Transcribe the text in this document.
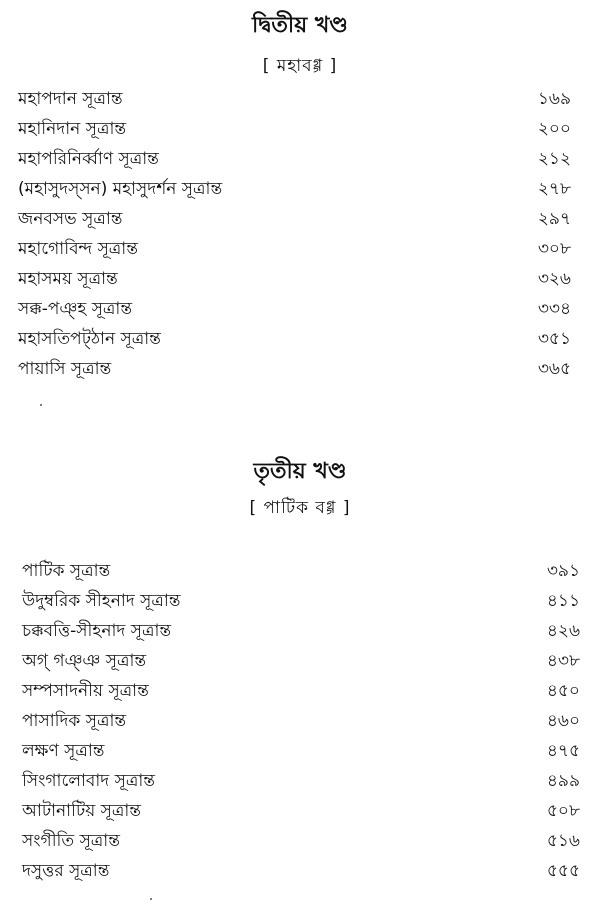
দ্বিতীয় খণ্ড
[ মহাবগ্গ ]
মহাপদান সূত্রান্ত	১৬৯
মহানিদান সূত্রান্ত	২০০
মহাপরিনির্ব্বাণ সূত্রান্ত	২১২
(মহাসুদস্সন) মহাসুদর্শন সূত্রান্ত	২৭৮
জনবসভ সূত্রান্ত	২৯৭
মহাগোবিন্দ সূত্রান্ত	৩০৮
মহাসময় সূত্রান্ত	৩২৬
সক্ক-পঞ্হ সূত্রান্ত	৩৩৪
মহাসতিপট্ঠান সূত্রান্ত	৩৫১
পায়াসি সূত্রান্ত	৩৬৫
তৃতীয় খণ্ড
[ পাটিক বগ্গ ]
পাটিক সূত্রান্ত	৩৯১
উদুম্বরিক সীহনাদ সূত্রান্ত	৪১১
চক্কবত্তি-সীহনাদ সূত্রান্ত	৪২৬
অগ্ গঞ্ঞ সূত্রান্ত	৪৩৮
সম্পসাদনীয় সূত্রান্ত	৪৫০
পাসাদিক সূত্রান্ত	৪৬০
লক্ষণ সূত্রান্ত	৪৭৫
সিংগালোবাদ সূত্রান্ত	৪৯৯
আটানাটিয় সূত্রান্ত	৫০৮
সংগীতি সূত্রান্ত	৫১৬
দসুত্তর সূত্রান্ত	৫৫৫
